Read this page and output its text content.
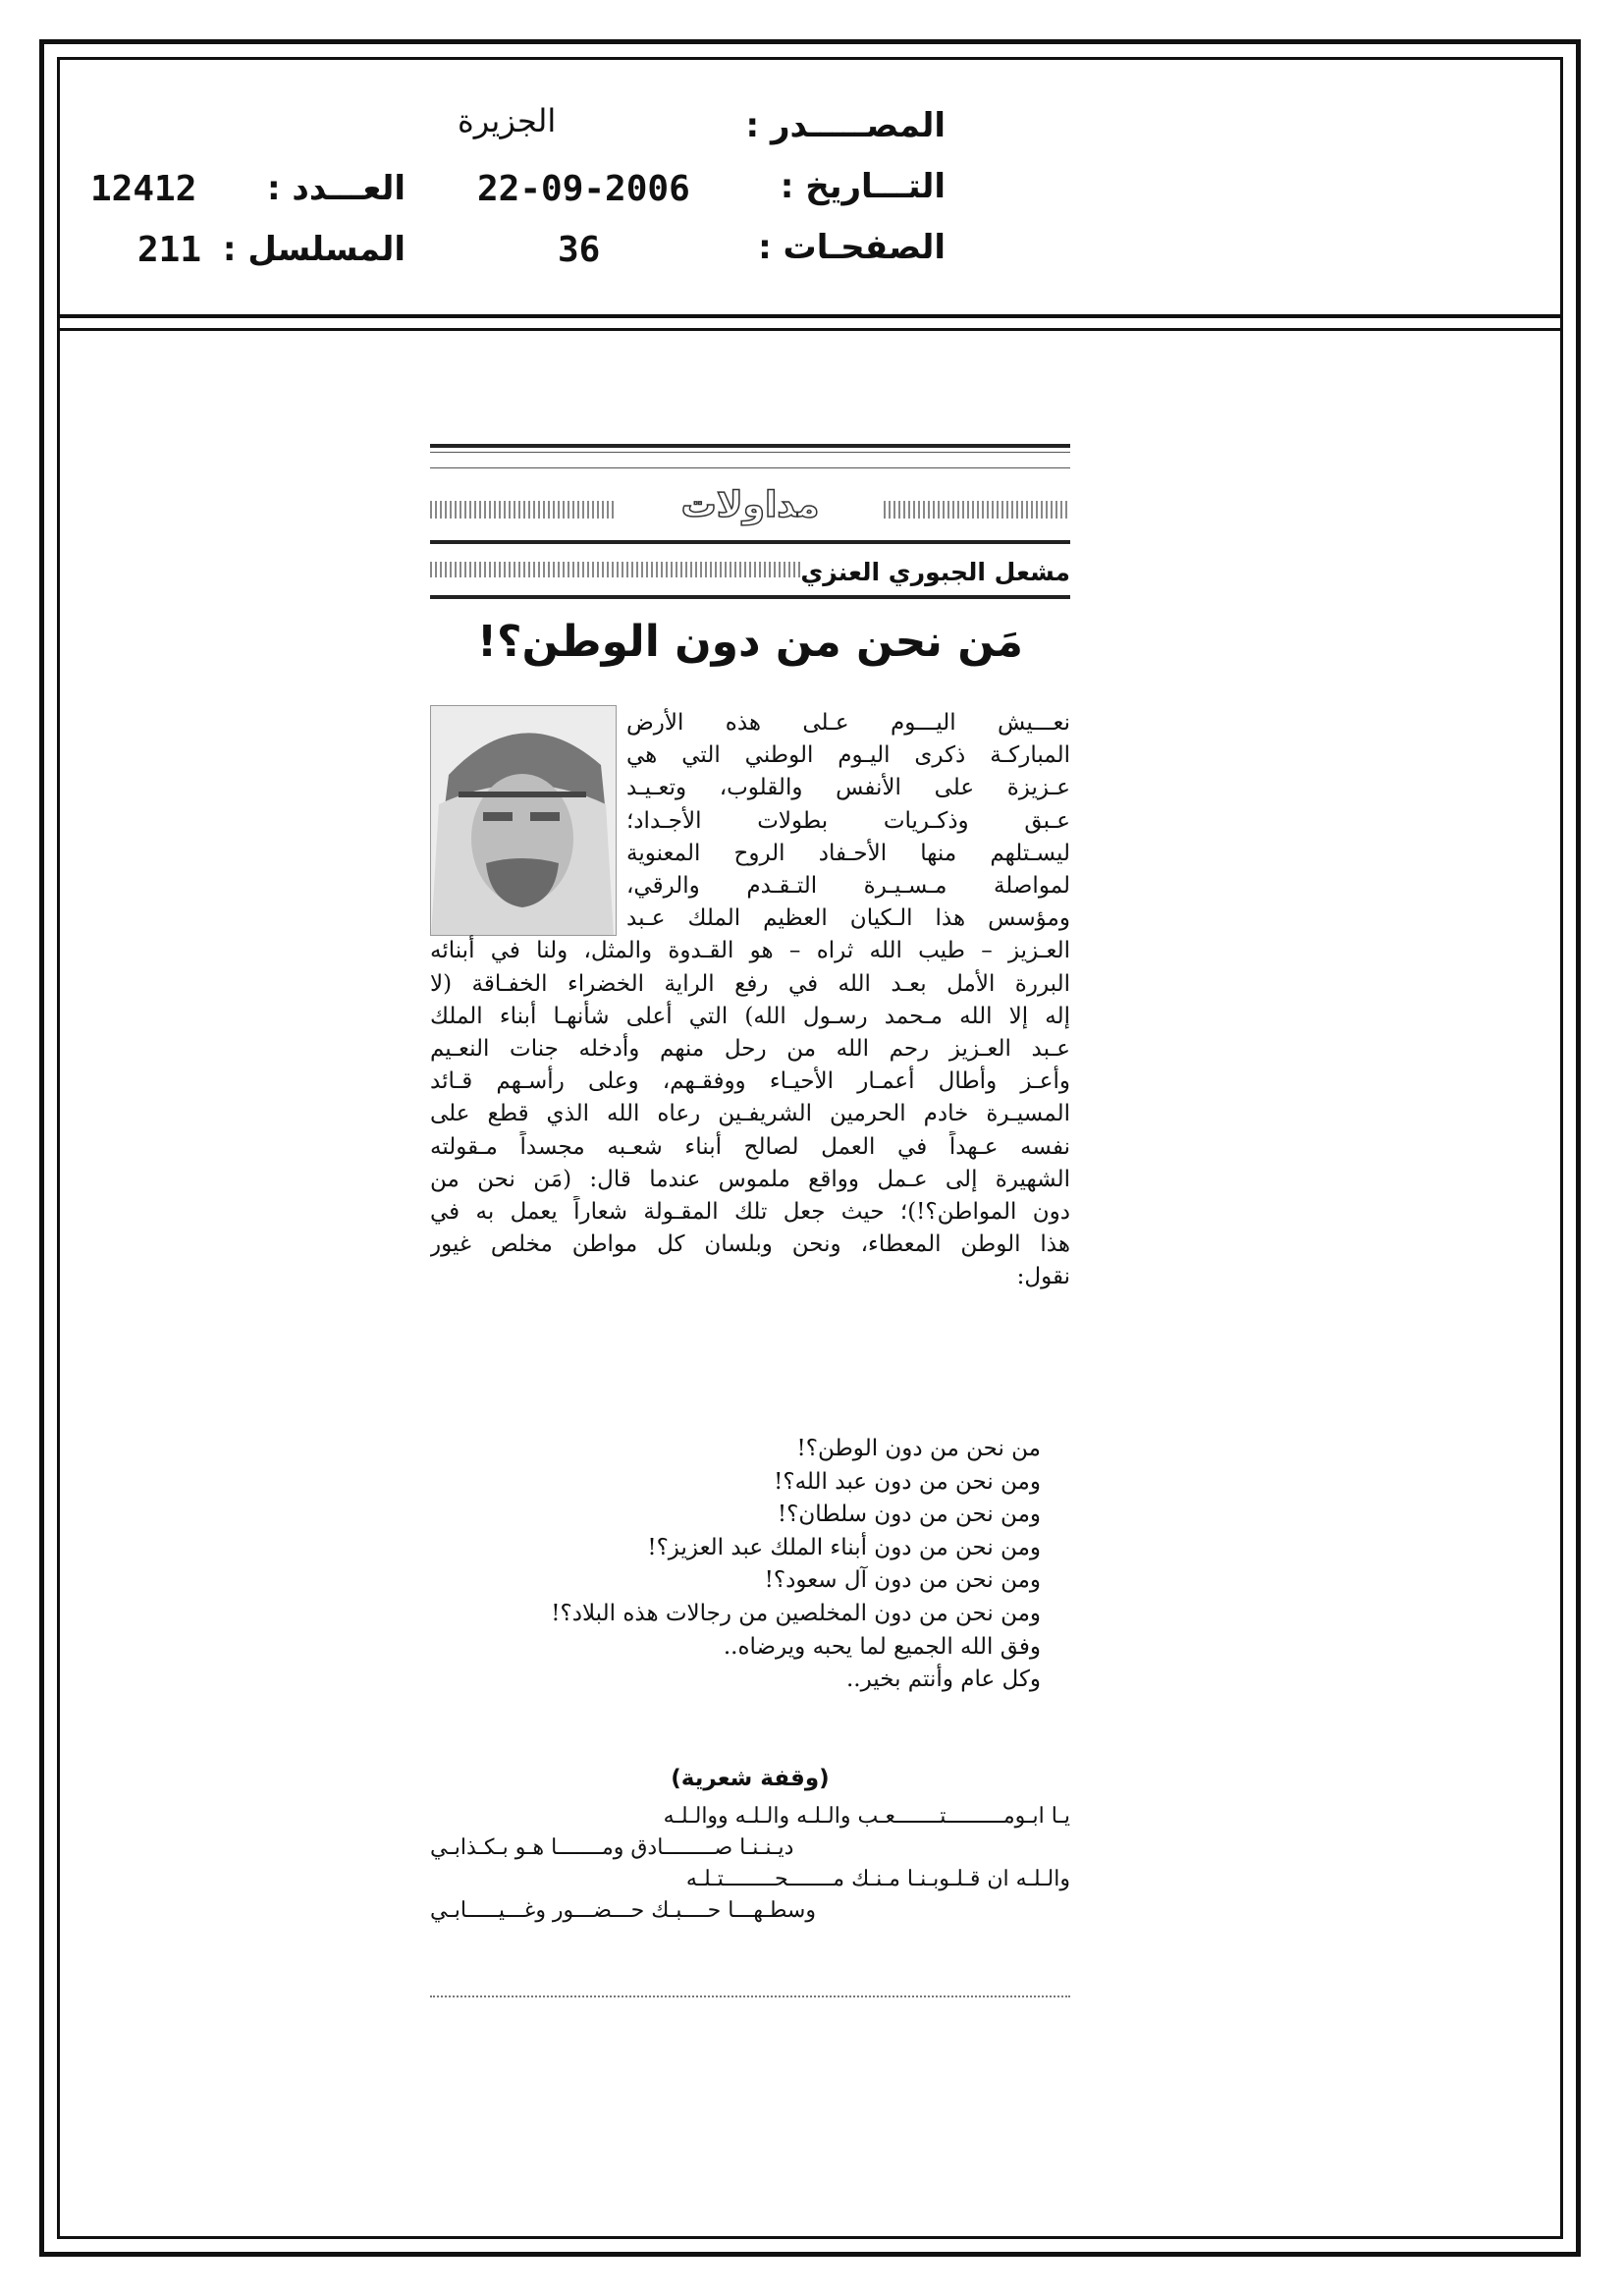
المصـــــدر :
الجزيرة
التـــاريخ :
22-09-2006
العـــدد :
12412
الصفحـات :
36
المسلسل :
211
مداولات
مشعل الجبوري العنزي
مَن نحن من دون الوطن؟!
نعـــيش اليـــوم عـلى هذه الأرض
المباركـة ذكرى اليـوم الوطني التي هي
عـزيزة على الأنفس والقلوب، وتعـيـد
عـبق وذكـريات بطولات الأجـداد؛
ليسـتلهم منها الأحـفاد الروح المعنوية
لمواصلة مـسـيـرة التـقـدم والرقي،
ومؤسس هذا الـكيان العظيم الملك عـبد
العـزيز – طيب الله ثراه – هو القـدوة والمثل، ولنا في أبنائه
البررة الأمل بعـد الله في رفع الراية الخضراء الخفـاقة (لا
إله إلا الله مـحمد رسـول الله) التي أعلى شأنهـا أبناء الملك
عـبد العـزيز رحم الله من رحل منهم وأدخله جنات النعـيم
وأعـز وأطال أعمـار الأحيـاء ووفقـهم، وعلى رأسـهم قـائد
المسيـرة خادم الحرمين الشريفـين رعاه الله الذي قطع على
نفسه عـهداً في العمل لصالح أبناء شعـبه مجسداً مـقولته
الشهيرة إلى عـمل وواقع ملموس عندما قال: (مَن نحن من
دون المواطن؟!)؛ حيث جعل تلك المقـولة شعاراً يعمل به في
هذا الوطن المعطاء، ونحن وبلسان كل مواطن مخلص غيور
نقول:
من نحن من دون الوطن؟!
ومن نحن من دون عبد الله؟!
ومن نحن من دون سلطان؟!
ومن نحن من دون أبناء الملك عبد العزيز؟!
ومن نحن من دون آل سعود؟!
ومن نحن من دون المخلصين من رجالات هذه البلاد؟!
وفق الله الجميع لما يحبه ويرضاه..
وكل عام وأنتم بخير..
(وقفة شعرية)
يـا ابـومـــــــــتـــــــعـب والـلـه والـلـه ووالـلـه
ديـنـنـا صــــــــادق ومـــــــا هـو بـكـذابـي
والـلـه ان قـلـوبـنـا مـنـك مـــــــحــــــــتـلـه
وسطـهـــا حــــبـك حـــضـــور وغـــيـــــابـي
